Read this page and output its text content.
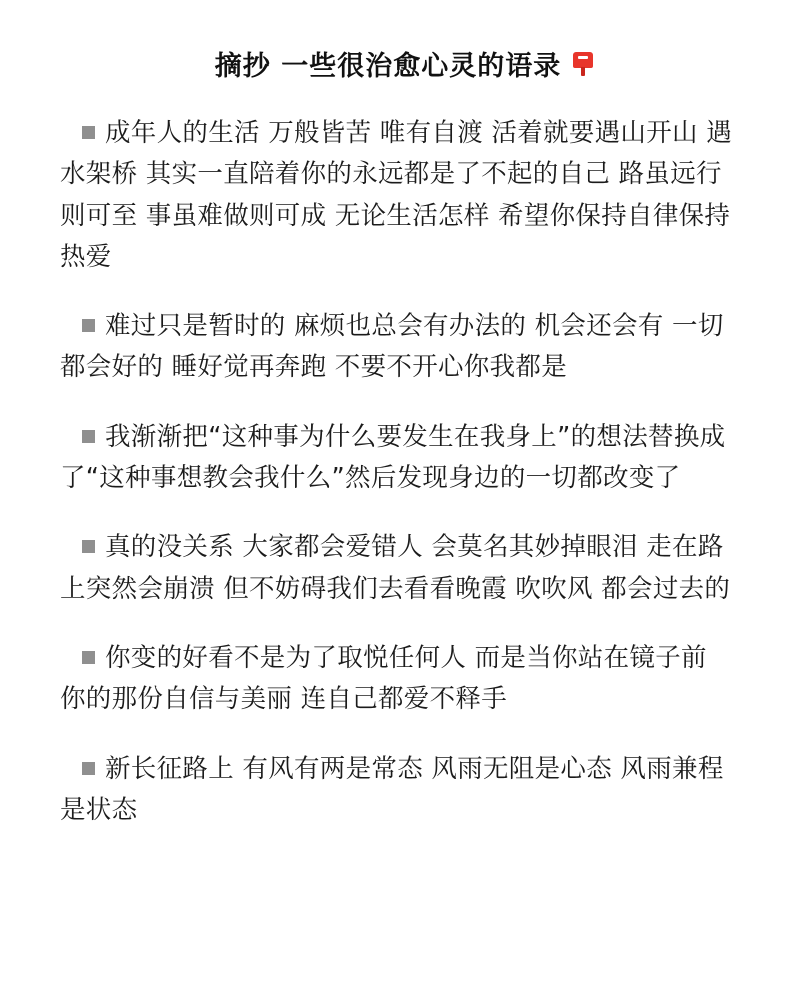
摘抄 一些很治愈心灵的语录

成年人的生活 万般皆苦 唯有自渡 活着就要遇山开山 遇水架桥 其实一直陪着你的永远都是了不起的自己 路虽远行则可至 事虽难做则可成 无论生活怎样 希望你保持自律保持热爱

难过只是暂时的 麻烦也总会有办法的 机会还会有 一切都会好的 睡好觉再奔跑 不要不开心你我都是

我渐渐把“这种事为什么要发生在我身上”的想法替换成了“这种事想教会我什么”然后发现身边的一切都改变了

真的没关系 大家都会爱错人 会莫名其妙掉眼泪 走在路上突然会崩溃 但不妨碍我们去看看晚霞 吹吹风 都会过去的

你变的好看不是为了取悦任何人 而是当你站在镜子前 你的那份自信与美丽 连自己都爱不释手

新长征路上 有风有两是常态 风雨无阻是心态 风雨兼程是状态
